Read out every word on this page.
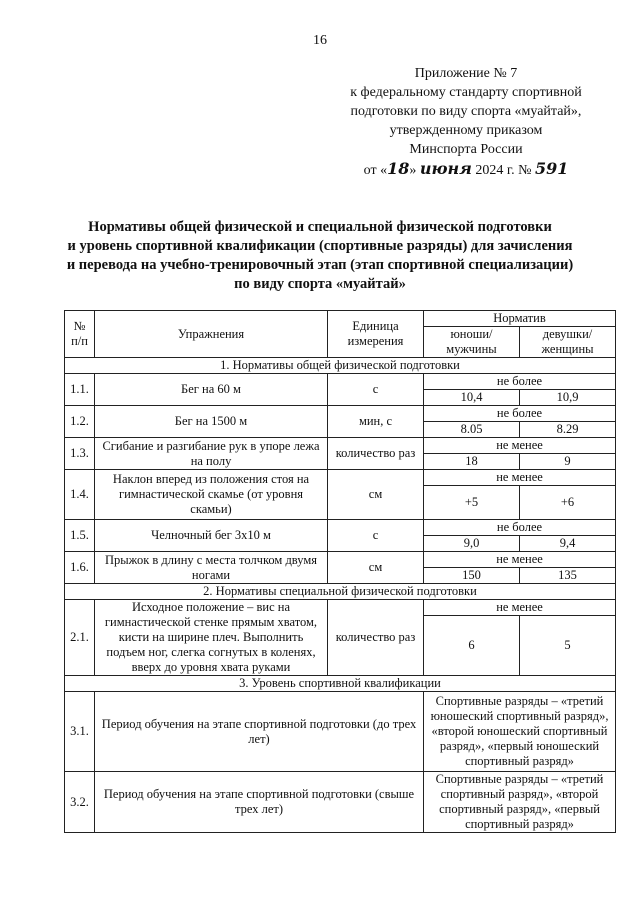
16
Приложение № 7
к федеральному стандарту спортивной
подготовки по виду спорта «муайтай»,
утвержденному приказом
Минспорта России
от «18» июня 2024 г. № 591
Нормативы общей физической и специальной физической подготовки
и уровень спортивной квалификации (спортивные разряды) для зачисления
и перевода на учебно-тренировочный этап (этап спортивной специализации)
по виду спорта «муайтай»
№ п/п	Упражнения	Единица измерения	Норматив	
			юноши/ мужчины	девушки/ женщины
1. Нормативы общей физической подготовки				
1.1.	Бег на 60 м	с	не более	
			10,4	10,9
1.2.	Бег на 1500 м	мин, с	не более	
			8.05	8.29
1.3.	Сгибание и разгибание рук в упоре лежа на полу	количество раз	не менее	
			18	9
1.4.	Наклон вперед из положения стоя на гимнастической скамье (от уровня скамьи)	см	не менее	
			+5	+6
1.5.	Челночный бег 3х10 м	с	не более	
			9,0	9,4
1.6.	Прыжок в длину с места толчком двумя ногами	см	не менее	
			150	135
2. Нормативы специальной физической подготовки				
2.1.	Исходное положение – вис на гимнастической стенке прямым хватом, кисти на ширине плеч. Выполнить подъем ног, слегка согнутых в коленях, вверх до уровня хвата руками	количество раз	не менее	
			6	5
3. Уровень спортивной квалификации				
3.1.	Период обучения на этапе спортивной подготовки (до трех лет)		Спортивные разряды – «третий юношеский спортивный разряд», «второй юношеский спортивный разряд», «первый юношеский спортивный разряд»	
3.2.	Период обучения на этапе спортивной подготовки (свыше трех лет)		Спортивные разряды – «третий спортивный разряд», «второй спортивный разряд», «первый спортивный разряд»	
